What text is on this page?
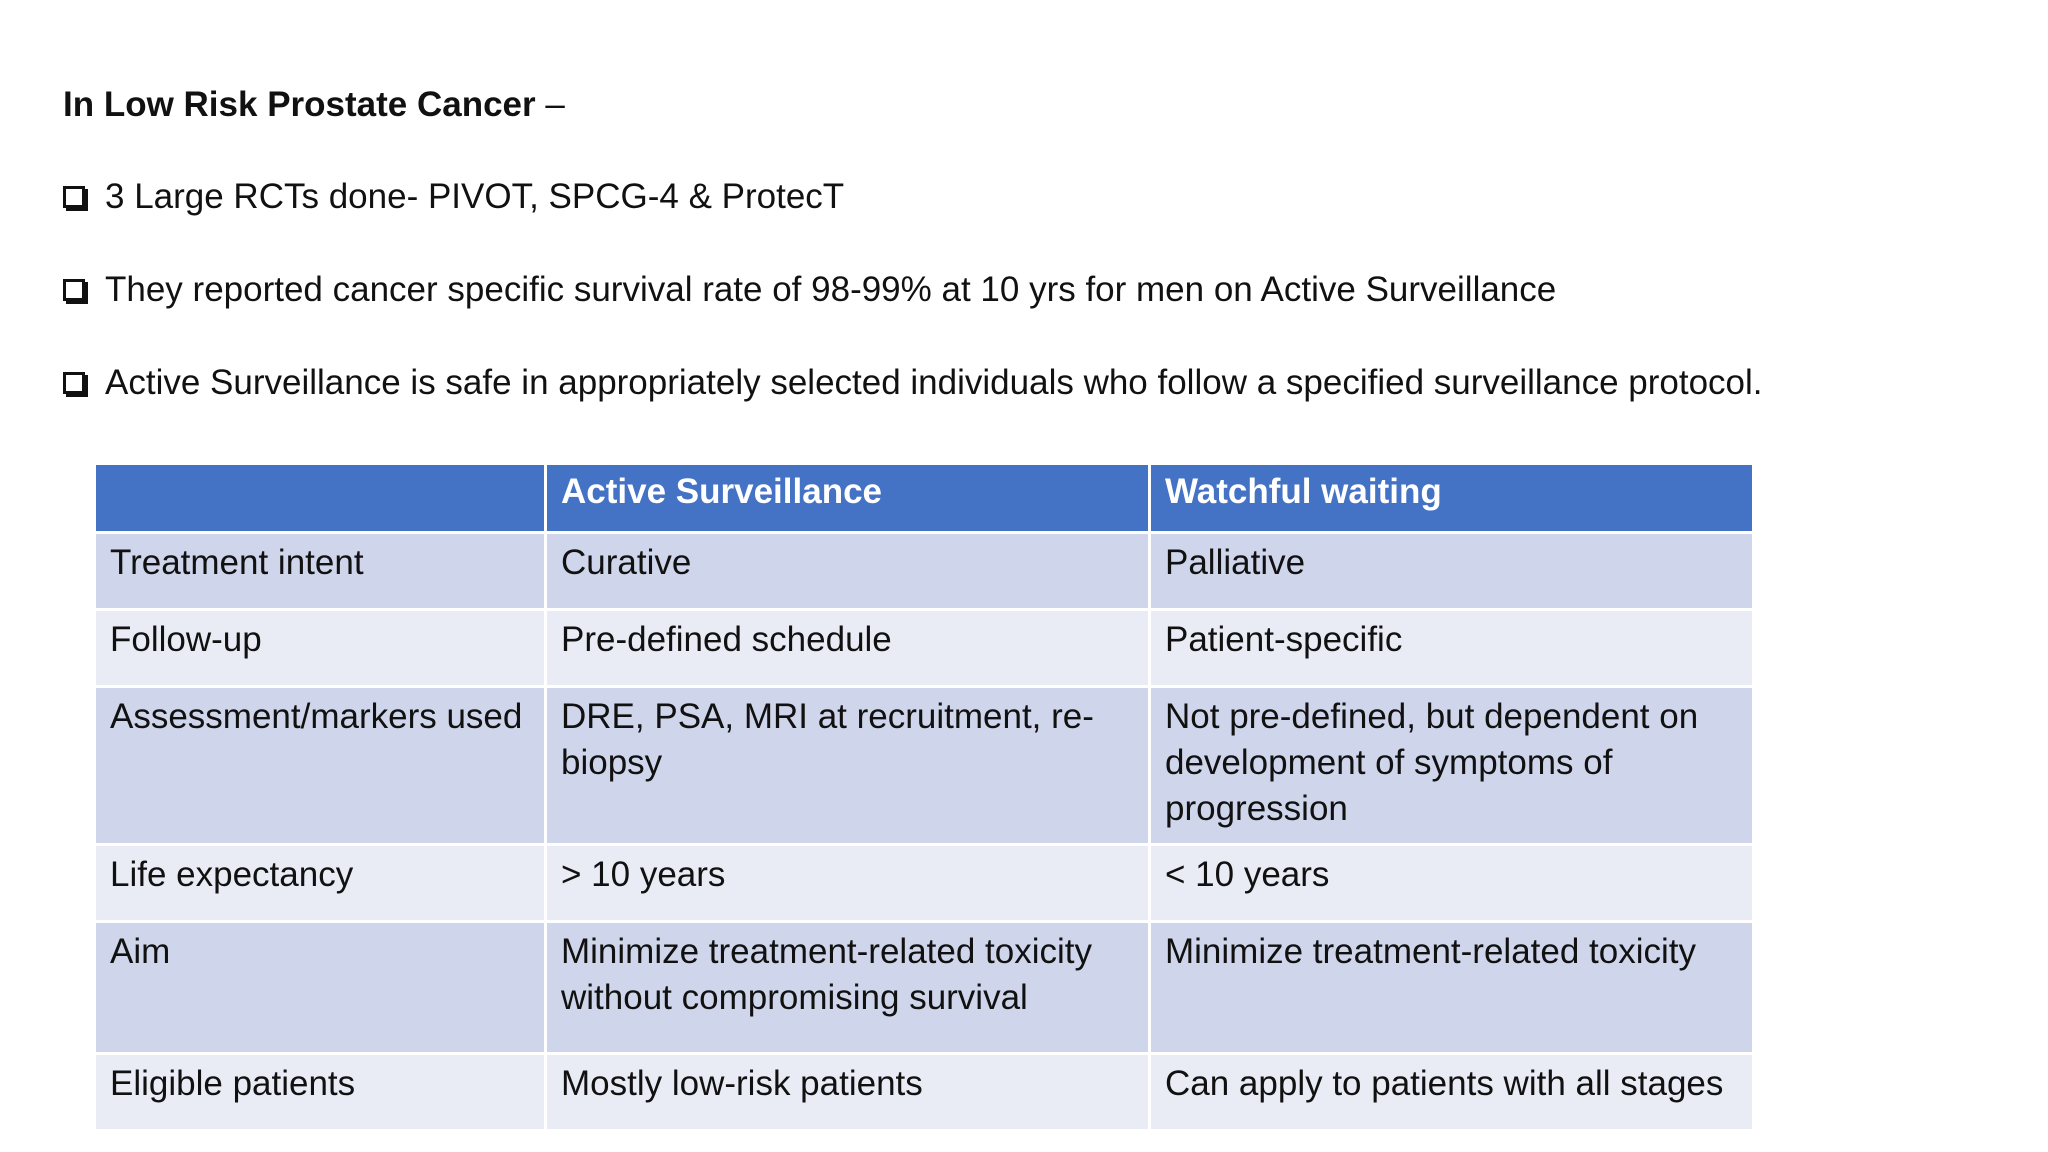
In Low Risk Prostate Cancer –
3 Large RCTs done- PIVOT, SPCG-4 & ProtecT
They reported cancer specific survival rate of 98-99% at 10 yrs for men on Active Surveillance
Active Surveillance is safe in appropriately selected individuals who follow a specified surveillance protocol.
	Active Surveillance	Watchful waiting
Treatment intent	Curative	Palliative
Follow-up	Pre-defined schedule	Patient-specific
Assessment/markers used	DRE, PSA, MRI at recruitment, re-biopsy	Not pre-defined, but dependent on development of symptoms of progression
Life expectancy	> 10 years	< 10 years
Aim	Minimize treatment-related toxicity without compromising survival	Minimize treatment-related toxicity
Eligible patients	Mostly low-risk patients	Can apply to patients with all stages
